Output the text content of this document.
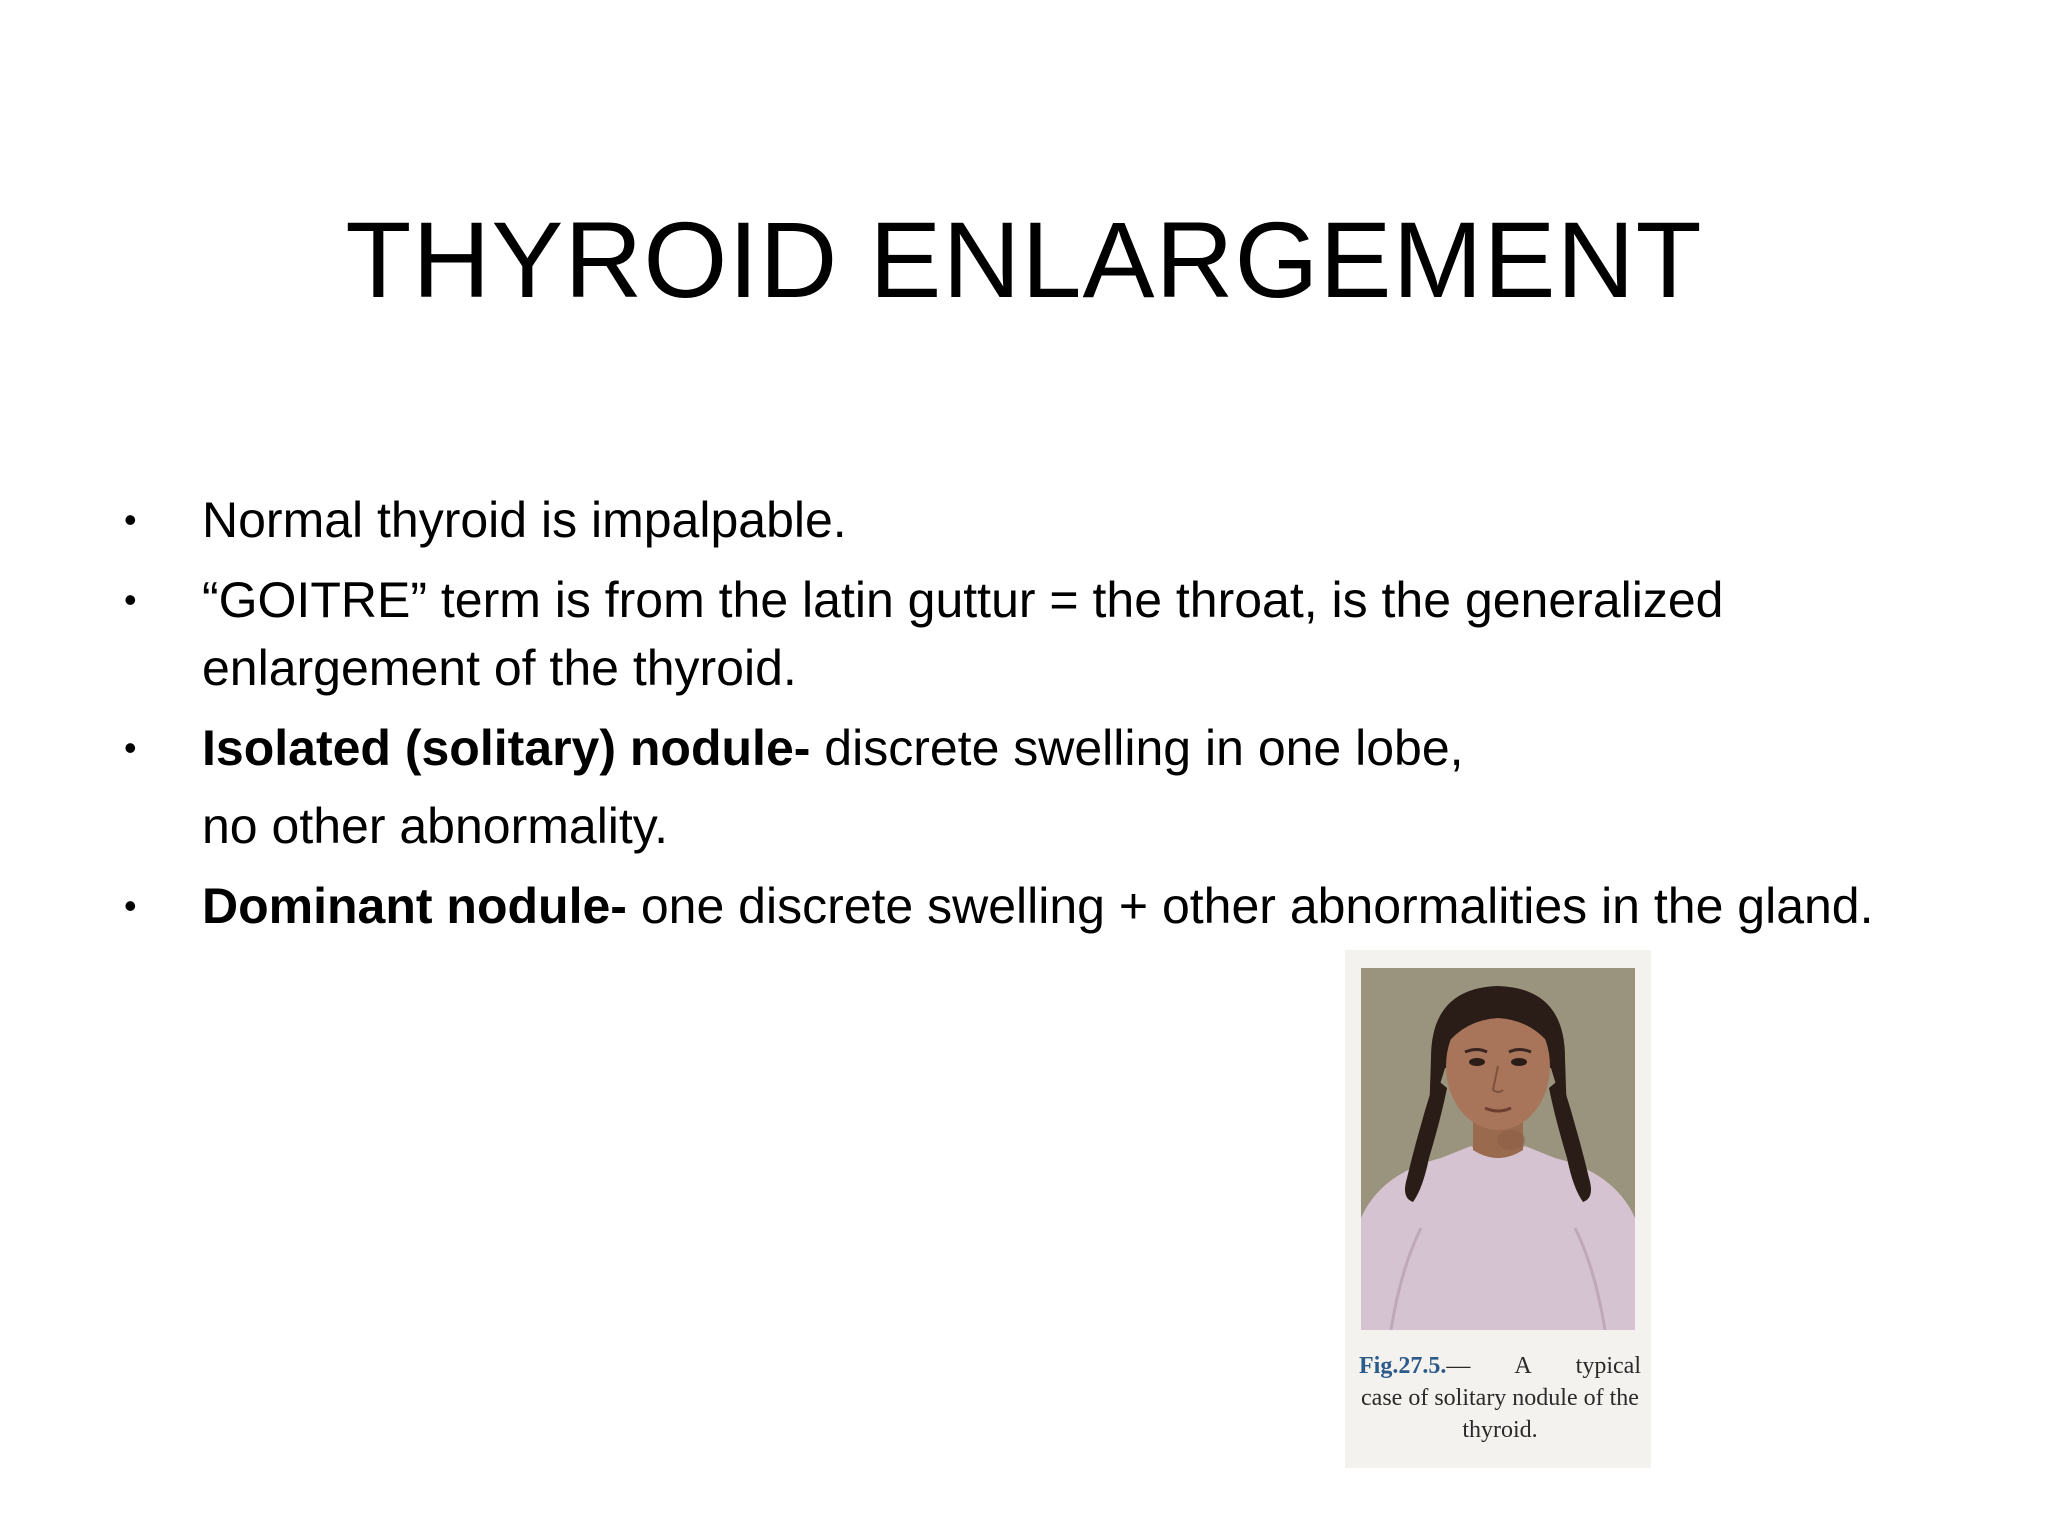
THYROID ENLARGEMENT
• Normal thyroid is impalpable.
• “GOITRE” term is from the latin guttur = the throat, is the generalized enlargement of the thyroid.
• Isolated (solitary) nodule- discrete swelling in one lobe,
no other abnormality.
• Dominant nodule- one discrete swelling + other abnormalities in the gland.
Fig.27.5.— A typical
case of solitary nodule of the thyroid.
